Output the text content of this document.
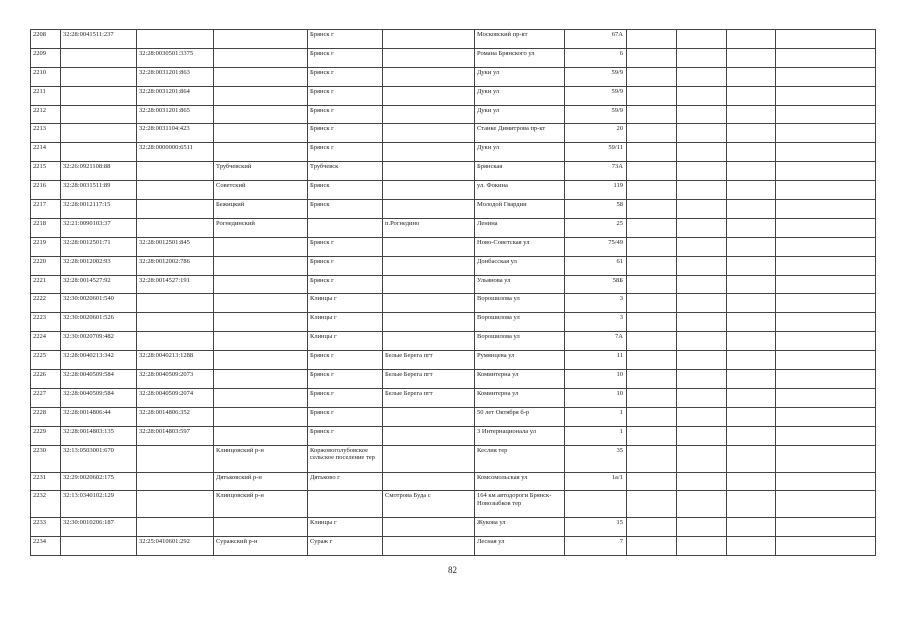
2208	32:28:0041511:237			Брянск г		Московский пр-кт	67А				
2209		32:28:0030501:3375		Брянск г		Романа Брянского ул	6				
2210		32:28:0031201:863		Брянск г		Дуки ул	59/9				
2211		32:28:0031201:864		Брянск г		Дуки ул	59/9				
2212		32:28:0031201:865		Брянск г		Дуки ул	59/9				
2213		32:28:0031104:423		Брянск г		Станке Димитрова пр-кт	20				
2214		32:28:0000000:6511		Брянск г		Дуки ул	59/11				
2215	32:26:0921108:88		Трубчевский	Трубчевск		Брянская	73А				
2216	32:28:0031511:89		Советский	Брянск		ул. Фокина	119				
2217	32:28:0012117:15		Бежицкий	Брянск		Молодой Гвардии	58				
2218	32:21:0090103:37		Рогнединский		п.Рогнедино	Ленина	25				
2219	32:28:0012501:71	32:28:0012501:845		Брянск г		Ново-Советская ул	75/49				
2220	32:28:0012002:93	32:28:0012002:786		Брянск г		Донбасская ул	61				
2221	32:28:0014527:92	32:28:0014527:191		Брянск г		Ульянова ул	58Б				
2222	32:30:0020601:540			Клинцы г		Ворошилова ул	3				
2223	32:30:0020601:526			Клинцы г		Ворошилова ул	3				
2224	32:30:0020709:482			Клинцы г		Ворошилова ул	7А				
2225	32:28:0040213:342	32:28:0040213:1288		Брянск г	Белые Берега пгт	Румянцева ул	11				
2226	32:28:0040509:584	32:28:0040509:2073		Брянск г	Белые Берега пгт	Коминтерна ул	10				
2227	32:28:0040509:584	32:28:0040509:2074		Брянск г	Белые Берега пгт	Коминтерна ул	10				
2228	32:28:0014806:44	32:28:0014806:352		Брянск г		50 лет Октября б-р	1				
2229	32:28:0014803:135	32:28:0014803:597		Брянск г		3 Интернационала ул	1				
2230	32:13:0503001:670		Клинцовский р-н	Коржовоголубовское сельское поселение тер		Кеслия тер	35				
2231	32:29:0020602:175		Дятьковский р-н	Дятьково г		Комсомольская ул	1а/1				
2232	32:13:0340102:129		Клинцовский р-н		Смотрова Буда с	164 км автодороги Брянск-Новозыбков тер					
2233	32:30:0010206:187			Клинцы г		Жукова ул	15				
2234		32:25:0410601:292	Суражский р-н	Сураж г		Лесная ул	7				
82
